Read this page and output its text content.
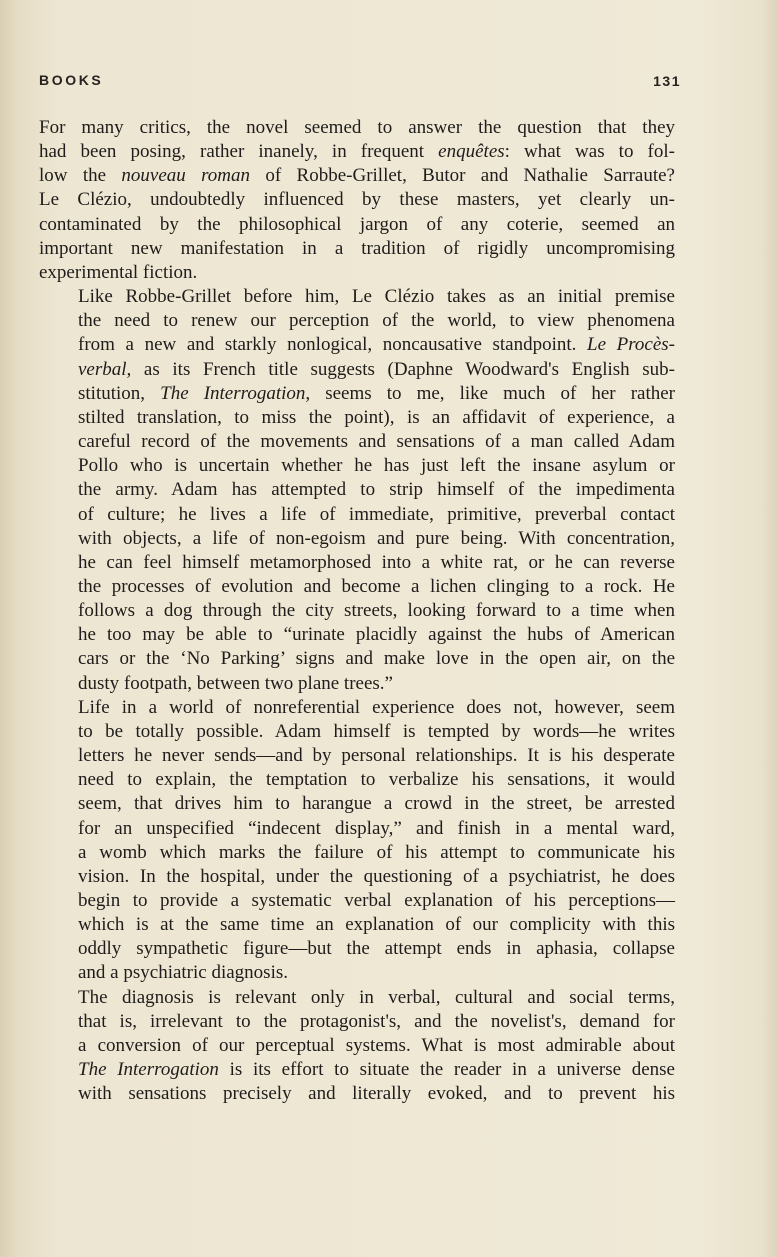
BOOKS	131

For many critics, the novel seemed to answer the question that they
had been posing, rather inanely, in frequent enquêtes: what was to fol-
low the nouveau roman of Robbe-Grillet, Butor and Nathalie Sarraute?
Le Clézio, undoubtedly influenced by these masters, yet clearly un-
contaminated by the philosophical jargon of any coterie, seemed an
important new manifestation in a tradition of rigidly uncompromising
experimental fiction.

Like Robbe-Grillet before him, Le Clézio takes as an initial premise
the need to renew our perception of the world, to view phenomena
from a new and starkly nonlogical, noncausative standpoint. Le Procès-
verbal, as its French title suggests (Daphne Woodward's English sub-
stitution, The Interrogation, seems to me, like much of her rather
stilted translation, to miss the point), is an affidavit of experience, a
careful record of the movements and sensations of a man called Adam
Pollo who is uncertain whether he has just left the insane asylum or
the army. Adam has attempted to strip himself of the impedimenta
of culture; he lives a life of immediate, primitive, preverbal contact
with objects, a life of non-egoism and pure being. With concentration,
he can feel himself metamorphosed into a white rat, or he can reverse
the processes of evolution and become a lichen clinging to a rock. He
follows a dog through the city streets, looking forward to a time when
he too may be able to “urinate placidly against the hubs of American
cars or the ‘No Parking’ signs and make love in the open air, on the
dusty footpath, between two plane trees.”

Life in a world of nonreferential experience does not, however, seem
to be totally possible. Adam himself is tempted by words—he writes
letters he never sends—and by personal relationships. It is his desperate
need to explain, the temptation to verbalize his sensations, it would
seem, that drives him to harangue a crowd in the street, be arrested
for an unspecified “indecent display,” and finish in a mental ward,
a womb which marks the failure of his attempt to communicate his
vision. In the hospital, under the questioning of a psychiatrist, he does
begin to provide a systematic verbal explanation of his perceptions—
which is at the same time an explanation of our complicity with this
oddly sympathetic figure—but the attempt ends in aphasia, collapse
and a psychiatric diagnosis.

The diagnosis is relevant only in verbal, cultural and social terms,
that is, irrelevant to the protagonist's, and the novelist's, demand for
a conversion of our perceptual systems. What is most admirable about
The Interrogation is its effort to situate the reader in a universe dense
with sensations precisely and literally evoked, and to prevent his
